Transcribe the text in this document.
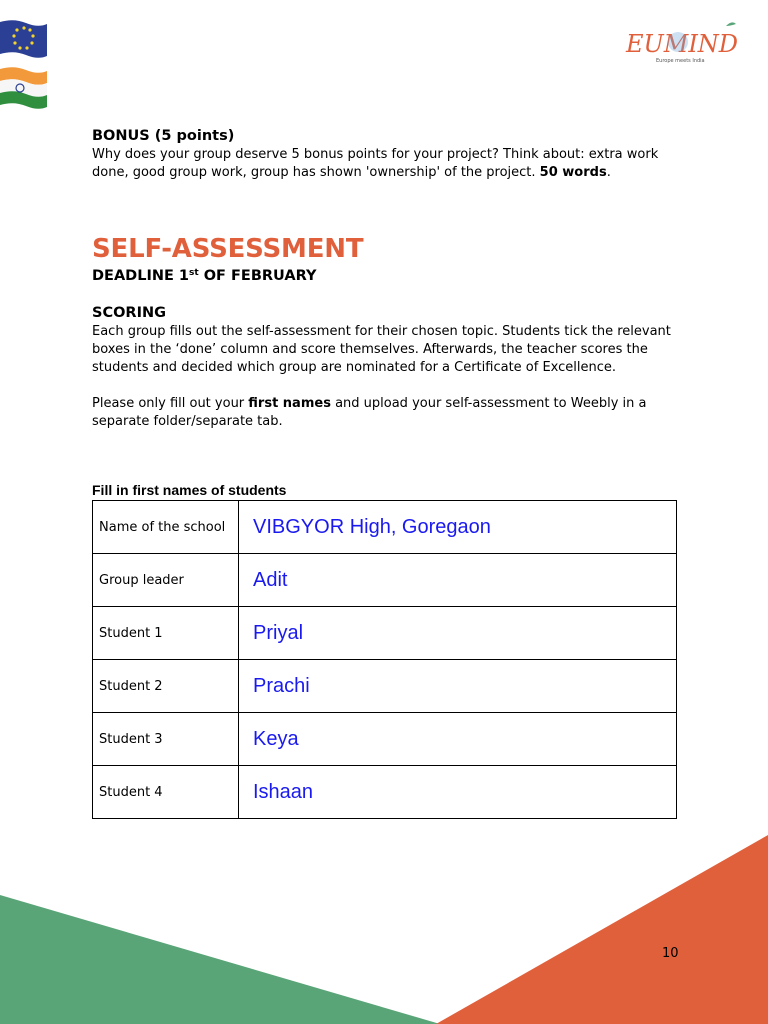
EUMIND
Europe meets India

BONUS (5 points)

Why does your group deserve 5 bonus points for your project? Think about: extra work done, good group work, group has shown 'ownership' of the project. 50 words.

SELF-ASSESSMENT

DEADLINE 1st OF FEBRUARY

SCORING

Each group fills out the self-assessment for their chosen topic. Students tick the relevant boxes in the ‘done’ column and score themselves. Afterwards, the teacher scores the students and decided which group are nominated for a Certificate of Excellence.

Please only fill out your first names and upload your self-assessment to Weebly in a separate folder/separate tab.

Fill in first names of students

Name of the school	VIBGYOR High, Goregaon
Group leader	Adit
Student 1	Priyal
Student 2	Prachi
Student 3	Keya
Student 4	Ishaan
10
